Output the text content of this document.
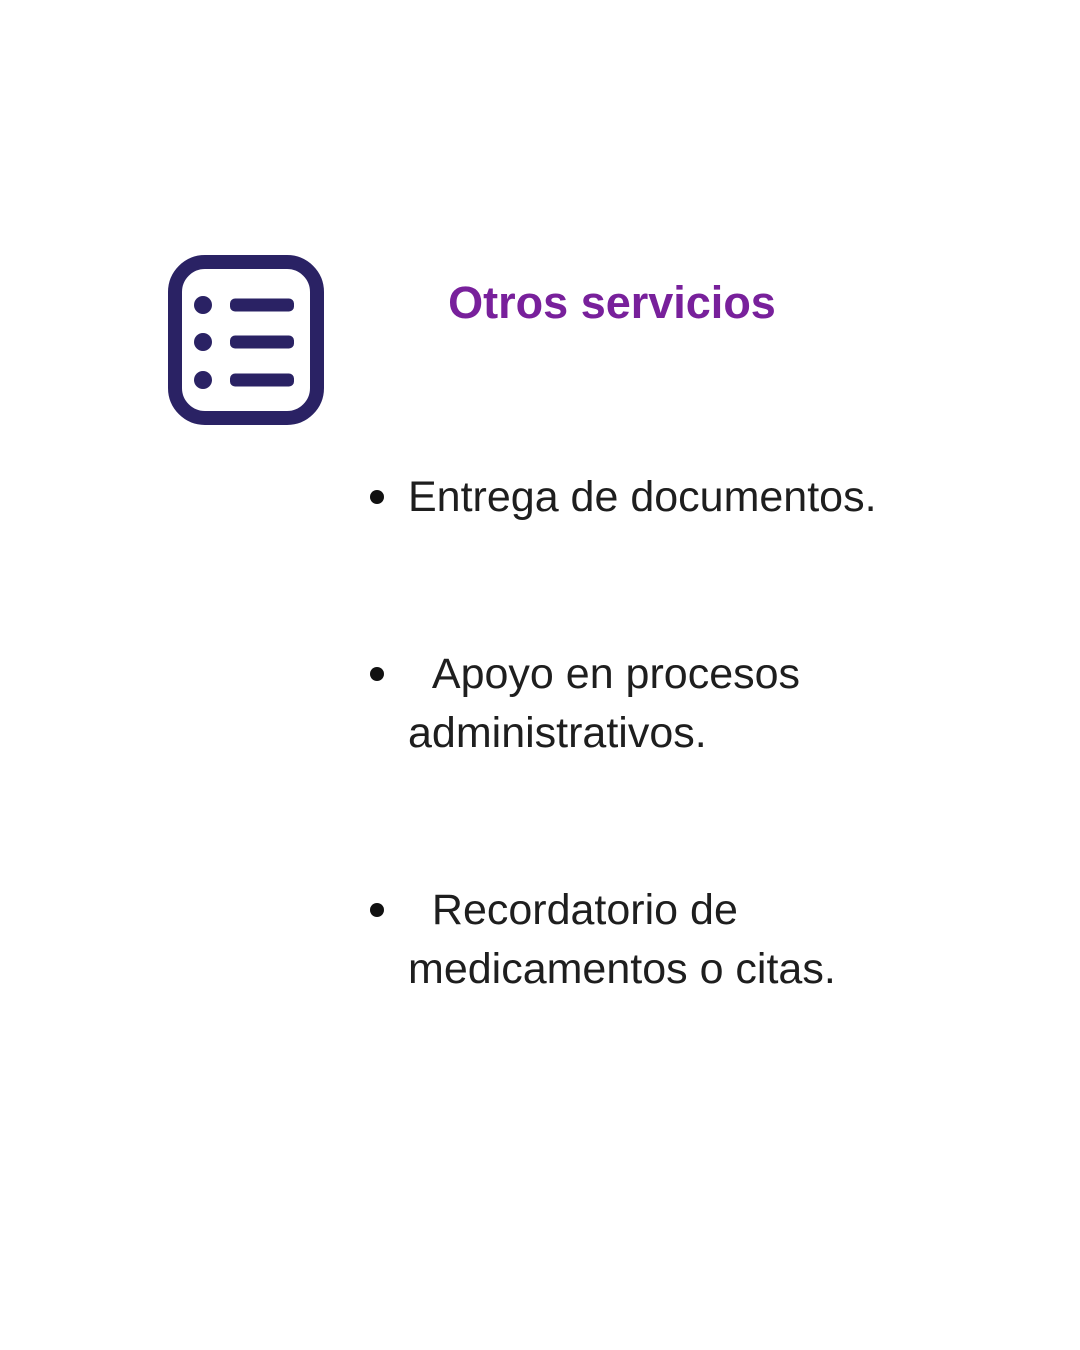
Otros servicios

Entrega de documentos.

Apoyo en procesos administrativos.

Recordatorio de medicamentos o citas.
